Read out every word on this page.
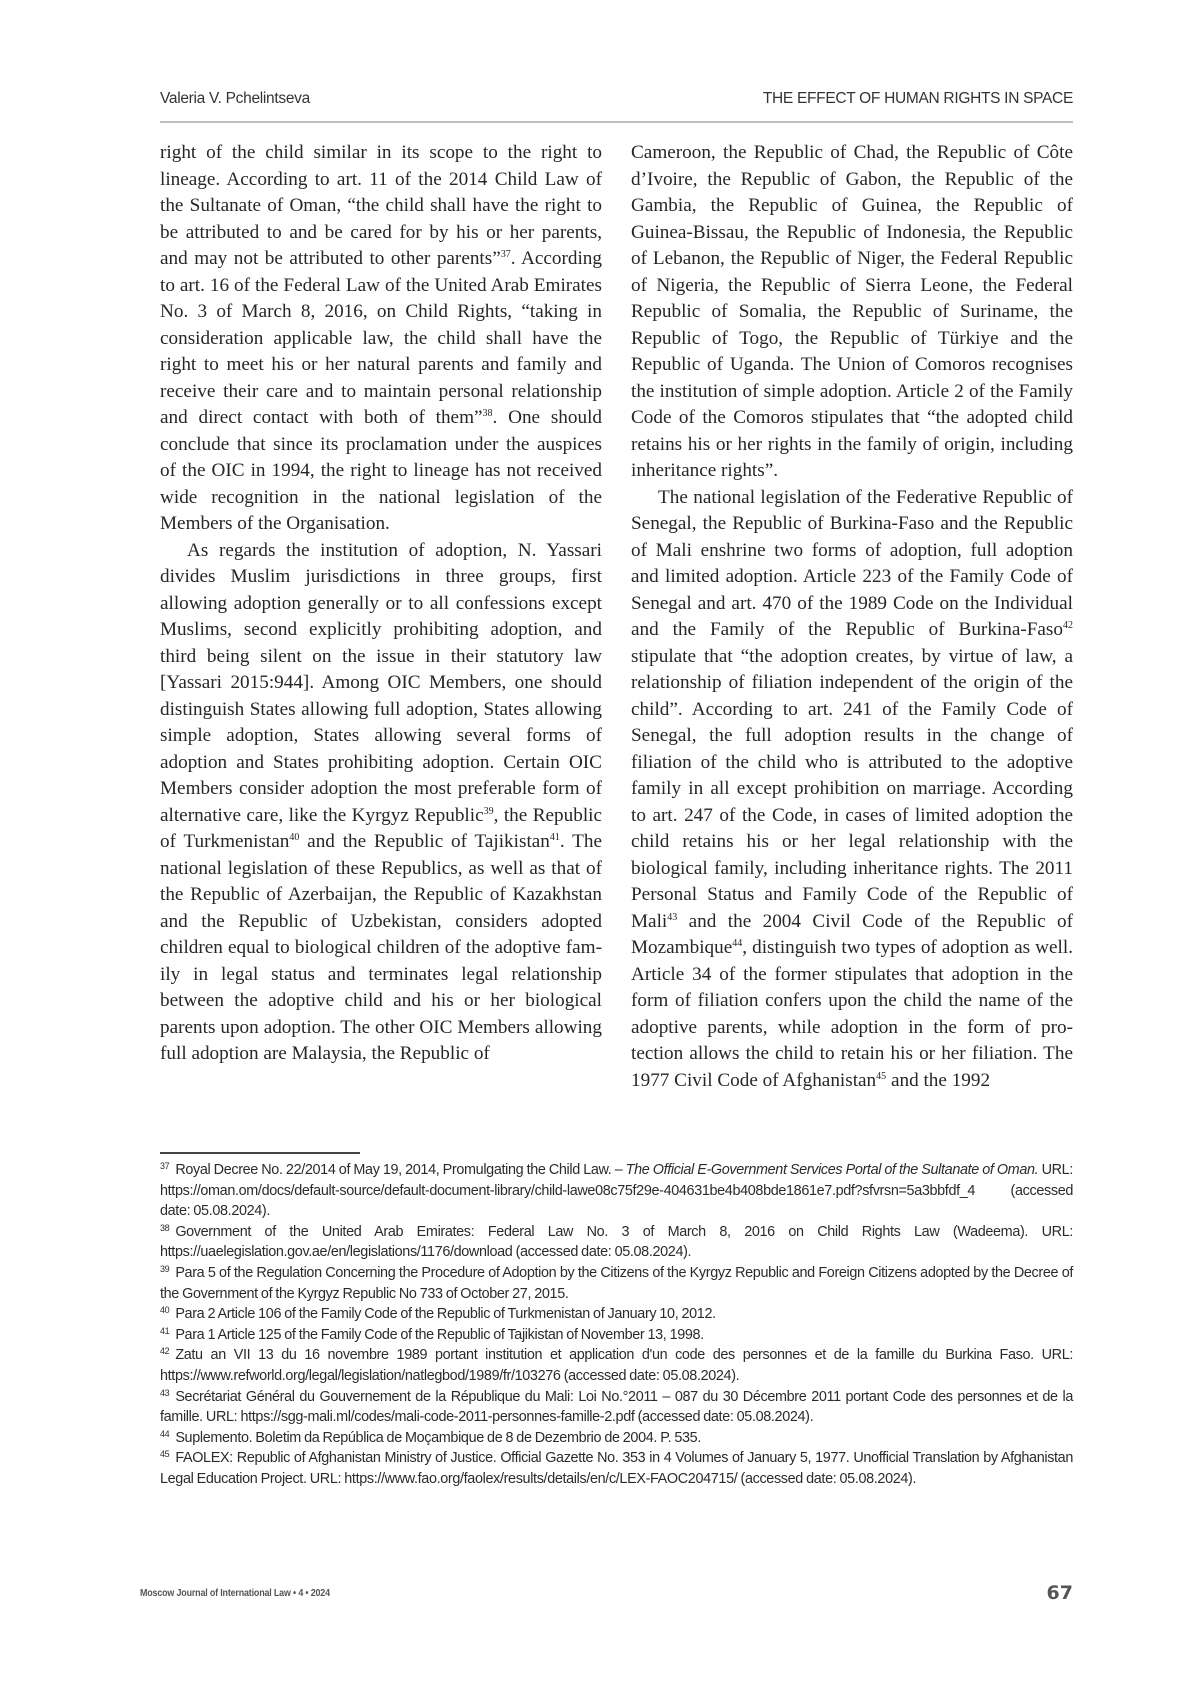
Valeria V. Pchelintseva	THE EFFECT OF HUMAN RIGHTS IN SPACE

right of the child similar in its scope to the right to lineage. According to art. 11 of the 2014 Child Law of the Sultanate of Oman, “the child shall have the right to be attributed to and be cared for by his or her parents, and may not be attributed to other parents”$^{37}$. According to art. 16 of the Federal Law of the United Arab Emirates No. 3 of March 8, 2016, on Child Rights, “taking in consideration applicable law, the child shall have the right to meet his or her natural parents and family and receive their care and to maintain personal relationship and direct contact with both of them”$^{38}$. One should conclude that since its proclamation under the auspices of the OIC in 1994, the right to lineage has not received wide recognition in the national legislation of the Members of the Organisation.

As regards the institution of adoption, N. Yassari divides Muslim jurisdictions in three groups, first allowing adoption generally or to all confessions except Muslims, second explicitly prohibiting adoption, and third being silent on the issue in their statutory law [Yassari 2015:944]. Among OIC Members, one should distinguish States allowing full adoption, States allowing simple adoption, States allowing several forms of adoption and States prohibiting adoption. Certain OIC Members consider adoption the most preferable form of alternative care, like the Kyrgyz Republic$^{39}$, the Republic of Turkmenistan$^{40}$ and the Republic of Tajikistan$^{41}$. The national legislation of these Republics, as well as that of the Republic of Azerbaijan, the Republic of Kazakhstan and the Republic of Uzbekistan, considers adopted children equal to biological children of the adoptive family in legal status and terminates legal relationship between the adoptive child and his or her biological parents upon adoption. The other OIC Members allowing full adoption are Malaysia, the Republic of

Cameroon, the Republic of Chad, the Republic of Côte d’Ivoire, the Republic of Gabon, the Republic of the Gambia, the Republic of Guinea, the Republic of Guinea-Bissau, the Republic of Indonesia, the Republic of Lebanon, the Republic of Niger, the Federal Republic of Nigeria, the Republic of Sierra Leone, the Federal Republic of Somalia, the Republic of Suriname, the Republic of Togo, the Republic of Türkiye and the Republic of Uganda. The Union of Comoros recognises the institution of simple adoption. Article 2 of the Family Code of the Comoros stipulates that “the adopted child retains his or her rights in the family of origin, including inheritance rights”.

The national legislation of the Federative Republic of Senegal, the Republic of Burkina-Faso and the Republic of Mali enshrine two forms of adoption, full adoption and limited adoption. Article 223 of the Family Code of Senegal and art. 470 of the 1989 Code on the Individual and the Family of the Republic of Burkina-Faso$^{42}$ stipulate that “the adoption creates, by virtue of law, a relationship of filiation independent of the origin of the child”. According to art. 241 of the Family Code of Senegal, the full adoption results in the change of filiation of the child who is attributed to the adoptive family in all except prohibition on marriage. According to art. 247 of the Code, in cases of limited adoption the child retains his or her legal relationship with the biological family, including inheritance rights. The 2011 Personal Status and Family Code of the Republic of Mali$^{43}$ and the 2004 Civil Code of the Republic of Mozambique$^{44}$, distinguish two types of adoption as well. Article 34 of the former stipulates that adoption in the form of filiation confers upon the child the name of the adoptive parents, while adoption in the form of protection allows the child to retain his or her filiation. The 1977 Civil Code of Afghanistan$^{45}$ and the 1992

$^{37}$ Royal Decree No. 22/2014 of May 19, 2014, Promulgating the Child Law. – The Official E-Government Services Portal of the Sultanate of Oman. URL: https://oman.om/docs/default-source/default-document-library/child-lawe08c75f29e-404631be4b408bde1861e7.pdf?sfvrsn=5a3bbfdf_4 (accessed date: 05.08.2024).

$^{38}$ Government of the United Arab Emirates: Federal Law No. 3 of March 8, 2016 on Child Rights Law (Wadeema). URL: https://uaelegislation.gov.ae/en/legislations/1176/download (accessed date: 05.08.2024).

$^{39}$ Para 5 of the Regulation Concerning the Procedure of Adoption by the Citizens of the Kyrgyz Republic and Foreign Citizens adopted by the Decree of the Government of the Kyrgyz Republic No 733 of October 27, 2015.

$^{40}$ Para 2 Article 106 of the Family Code of the Republic of Turkmenistan of January 10, 2012.

$^{41}$ Para 1 Article 125 of the Family Code of the Republic of Tajikistan of November 13, 1998.

$^{42}$ Zatu an VII 13 du 16 novembre 1989 portant institution et application d'un code des personnes et de la famille du Burkina Faso. URL: https://www.refworld.org/legal/legislation/natlegbod/1989/fr/103276 (accessed date: 05.08.2024).

$^{43}$ Secrétariat Général du Gouvernement de la République du Mali: Loi No.°2011 – 087 du 30 Décembre 2011 portant Code des personnes et de la famille. URL: https://sgg-mali.ml/codes/mali-code-2011-personnes-famille-2.pdf (accessed date: 05.08.2024).

$^{44}$ Suplemento. Boletim da República de Moçambique de 8 de Dezembrio de 2004. P. 535.

$^{45}$ FAOLEX: Republic of Afghanistan Ministry of Justice. Official Gazette No. 353 in 4 Volumes of January 5, 1977. Unofficial Translation by Afghanistan Legal Education Project. URL: https://www.fao.org/faolex/results/details/en/c/LEX-FAOC204715/ (accessed date: 05.08.2024).

Moscow Journal of International Law • 4 • 2024	67
